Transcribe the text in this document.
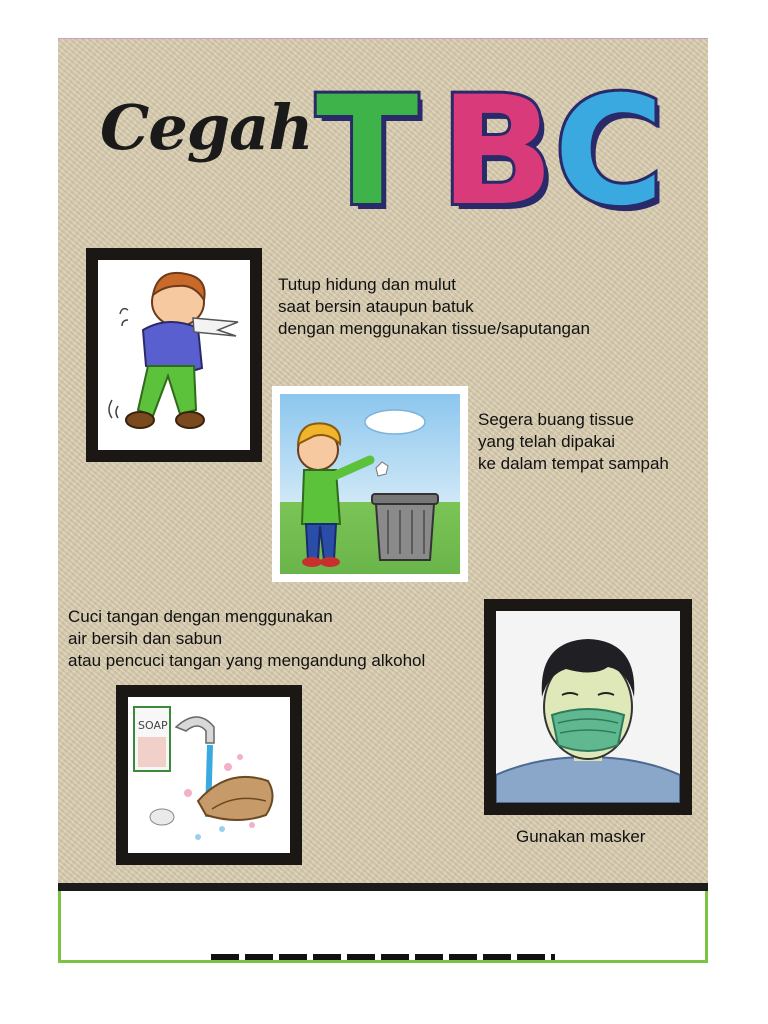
Cegah T B C
Tutup hidung dan mulut
saat bersin ataupun batuk
dengan menggunakan tissue/saputangan
Segera buang tissue
yang telah dipakai
ke dalam tempat sampah
Cuci tangan dengan menggunakan
air bersih dan sabun
atau pencuci tangan yang mengandung alkohol
SOAP
Gunakan masker
